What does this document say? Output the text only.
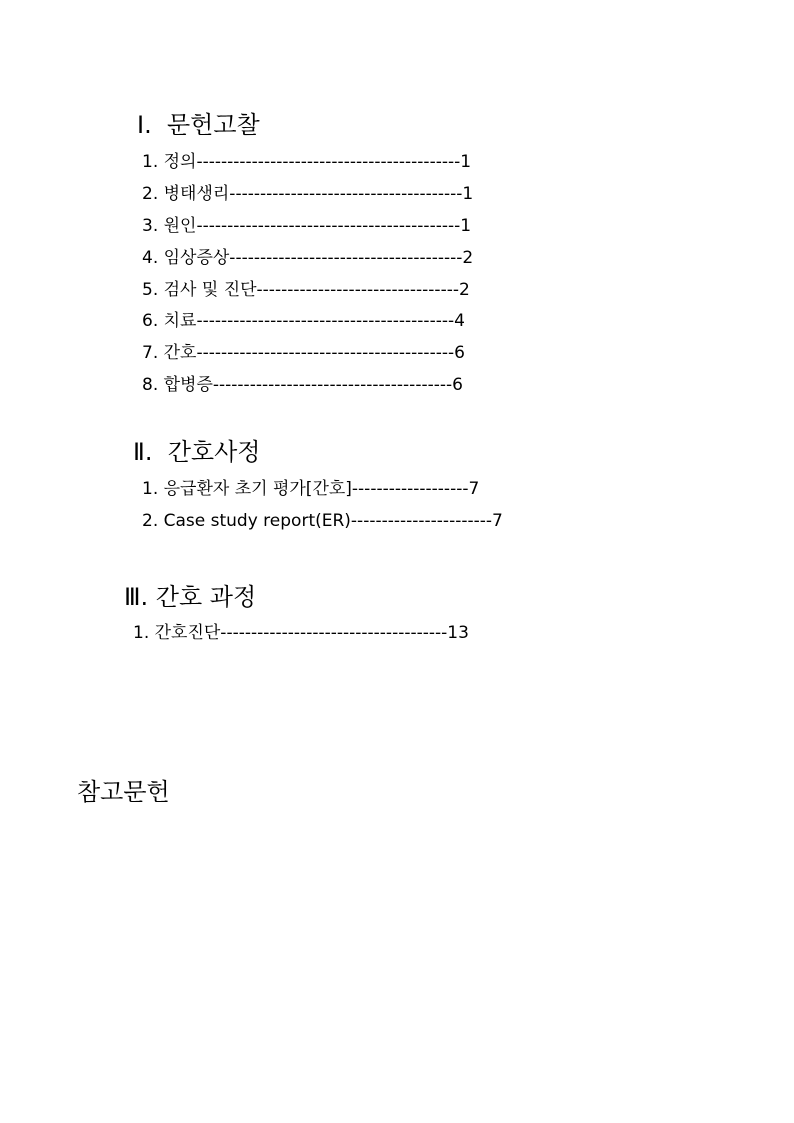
Ⅰ.  문헌고찰
1. 정의-------------------------------------------1
2. 병태생리--------------------------------------1
3. 원인-------------------------------------------1
4. 임상증상--------------------------------------2
5. 검사 및 진단---------------------------------2
6. 치료------------------------------------------4
7. 간호------------------------------------------6
8. 합병증---------------------------------------6
Ⅱ.  간호사정
1. 응급환자 초기 평가[간호]-------------------7
2. Case study report(ER)-----------------------7
Ⅲ. 간호 과정
1. 간호진단-------------------------------------13
참고문헌
